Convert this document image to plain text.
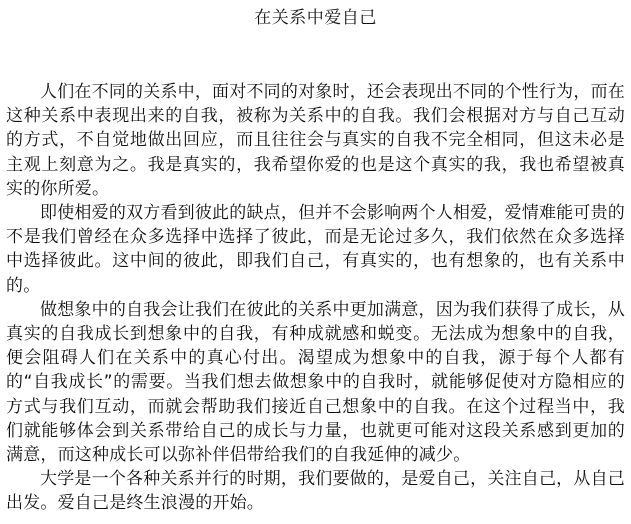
在关系中爱自己

人们在不同的关系中，面对不同的对象时，还会表现出不同的个性行为，而在这种关系中表现出来的自我，被称为关系中的自我。我们会根据对方与自己互动的方式，不自觉地做出回应，而且往往会与真实的自我不完全相同，但这未必是主观上刻意为之。我是真实的，我希望你爱的也是这个真实的我，我也希望被真实的你所爱。

即使相爱的双方看到彼此的缺点，但并不会影响两个人相爱，爱情难能可贵的不是我们曾经在众多选择中选择了彼此，而是无论过多久，我们依然在众多选择中选择彼此。这中间的彼此，即我们自己，有真实的，也有想象的，也有关系中的。

做想象中的自我会让我们在彼此的关系中更加满意，因为我们获得了成长，从真实的自我成长到想象中的自我，有种成就感和蜕变。无法成为想象中的自我，便会阻碍人们在关系中的真心付出。渴望成为想象中的自我，源于每个人都有的“自我成长”的需要。当我们想去做想象中的自我时，就能够促使对方隐相应的方式与我们互动，而就会帮助我们接近自己想象中的自我。在这个过程当中，我们就能够体会到关系带给自己的成长与力量，也就更可能对这段关系感到更加的满意，而这种成长可以弥补伴侣带给我们的自我延伸的减少。

大学是一个各种关系并行的时期，我们要做的，是爱自己，关注自己，从自己出发。爱自己是终生浪漫的开始。
